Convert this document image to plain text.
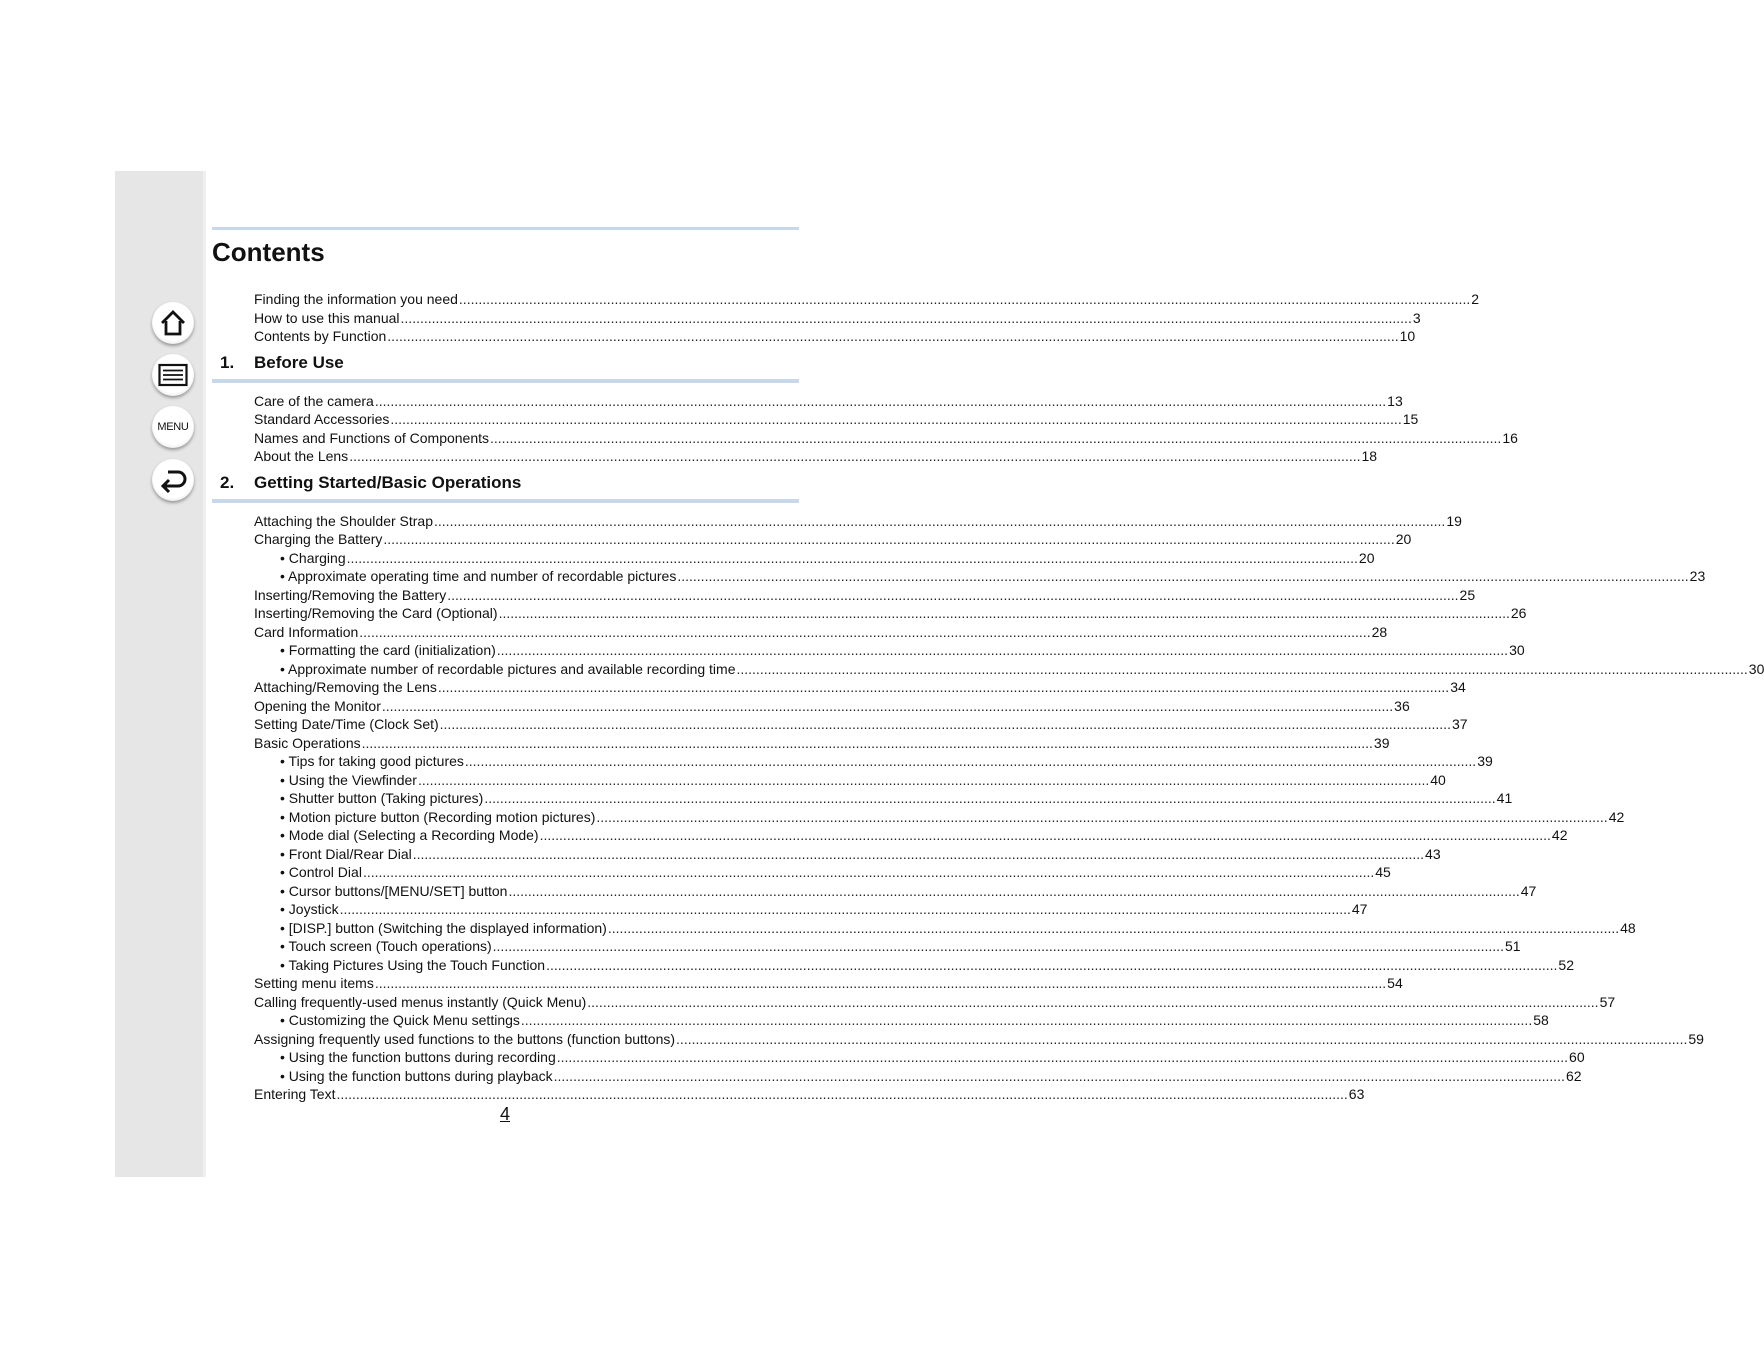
MENU
Contents
Finding the information you need .................................................................................................................................................................................................................................................................... 2
How to use this manual .................................................................................................................................................................................................................................................................... 3
Contents by Function .................................................................................................................................................................................................................................................................... 10
1. Before Use
Care of the camera .................................................................................................................................................................................................................................................................... 13
Standard Accessories .................................................................................................................................................................................................................................................................... 15
Names and Functions of Components .................................................................................................................................................................................................................................................................... 16
About the Lens .................................................................................................................................................................................................................................................................... 18
2. Getting Started/Basic Operations
Attaching the Shoulder Strap .................................................................................................................................................................................................................................................................... 19
Charging the Battery .................................................................................................................................................................................................................................................................... 20
• Charging .................................................................................................................................................................................................................................................................... 20
• Approximate operating time and number of recordable pictures .................................................................................................................................................................................................................................................................... 23
Inserting/Removing the Battery .................................................................................................................................................................................................................................................................... 25
Inserting/Removing the Card (Optional) .................................................................................................................................................................................................................................................................... 26
Card Information .................................................................................................................................................................................................................................................................... 28
• Formatting the card (initialization) .................................................................................................................................................................................................................................................................... 30
• Approximate number of recordable pictures and available recording time .................................................................................................................................................................................................................................................................... 30
Attaching/Removing the Lens .................................................................................................................................................................................................................................................................... 34
Opening the Monitor .................................................................................................................................................................................................................................................................... 36
Setting Date/Time (Clock Set) .................................................................................................................................................................................................................................................................... 37
Basic Operations .................................................................................................................................................................................................................................................................... 39
• Tips for taking good pictures .................................................................................................................................................................................................................................................................... 39
• Using the Viewfinder .................................................................................................................................................................................................................................................................... 40
• Shutter button (Taking pictures) .................................................................................................................................................................................................................................................................... 41
• Motion picture button (Recording motion pictures) .................................................................................................................................................................................................................................................................... 42
• Mode dial (Selecting a Recording Mode) .................................................................................................................................................................................................................................................................... 42
• Front Dial/Rear Dial .................................................................................................................................................................................................................................................................... 43
• Control Dial .................................................................................................................................................................................................................................................................... 45
• Cursor buttons/[MENU/SET] button .................................................................................................................................................................................................................................................................... 47
• Joystick .................................................................................................................................................................................................................................................................... 47
• [DISP.] button (Switching the displayed information) .................................................................................................................................................................................................................................................................... 48
• Touch screen (Touch operations) .................................................................................................................................................................................................................................................................... 51
• Taking Pictures Using the Touch Function .................................................................................................................................................................................................................................................................... 52
Setting menu items .................................................................................................................................................................................................................................................................... 54
Calling frequently-used menus instantly (Quick Menu) .................................................................................................................................................................................................................................................................... 57
• Customizing the Quick Menu settings .................................................................................................................................................................................................................................................................... 58
Assigning frequently used functions to the buttons (function buttons) .................................................................................................................................................................................................................................................................... 59
• Using the function buttons during recording .................................................................................................................................................................................................................................................................... 60
• Using the function buttons during playback .................................................................................................................................................................................................................................................................... 62
Entering Text .................................................................................................................................................................................................................................................................... 63
4
